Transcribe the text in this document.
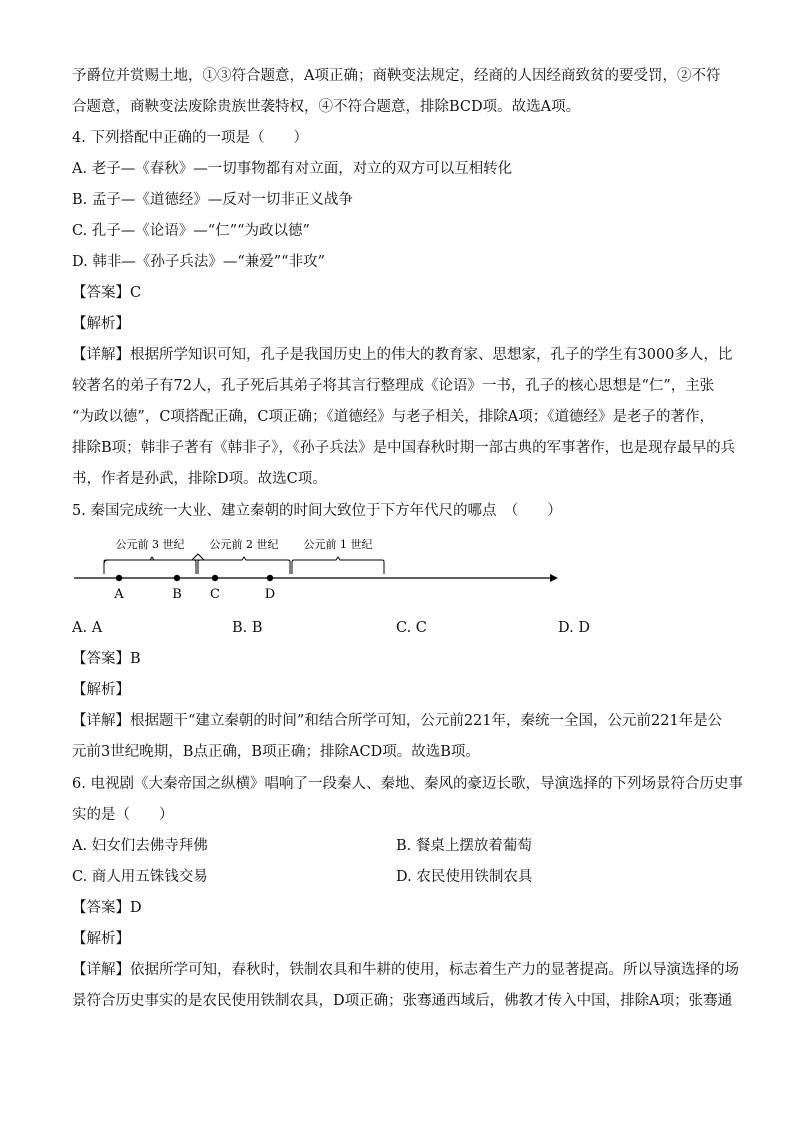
予爵位并赏赐土地，①③符合题意，A项正确；商鞅变法规定，经商的人因经商致贫的要受罚，②不符
合题意，商鞅变法废除贵族世袭特权，④不符合题意，排除BCD项。故选A项。
4. 下列搭配中正确的一项是（　　）
A. 老子—《春秋》—一切事物都有对立面，对立的双方可以互相转化
B. 孟子—《道德经》—反对一切非正义战争
C. 孔子—《论语》—“仁”“为政以德”
D. 韩非—《孙子兵法》—“兼爱”“非攻”
【答案】C
【解析】
【详解】根据所学知识可知，孔子是我国历史上的伟大的教育家、思想家，孔子的学生有3000多人，比
较著名的弟子有72人，孔子死后其弟子将其言行整理成《论语》一书，孔子的核心思想是“仁”，主张
“为政以德”，C项搭配正确，C项正确；《道德经》与老子相关，排除A项；《道德经》是老子的著作，
排除B项；韩非子著有《韩非子》，《孙子兵法》是中国春秋时期一部古典的军事著作，也是现存最早的兵
书，作者是孙武，排除D项。故选C项。
5. 秦国完成统一大业、建立秦朝的时间大致位于下方年代尺的哪点　（　　）
公元前 3 世纪 公元前 2 世纪 公元前 1 世纪
A	B C	D
A. A	B. B	C. C	D. D
【答案】B
【解析】
【详解】根据题干“建立秦朝的时间”和结合所学可知，公元前221年，秦统一全国，公元前221年是公
元前3世纪晚期，B点正确，B项正确；排除ACD项。故选B项。
6. 电视剧《大秦帝国之纵横》唱响了一段秦人、秦地、秦风的豪迈长歌，导演选择的下列场景符合历史事
实的是（　　）
A. 妇女们去佛寺拜佛	B. 餐桌上摆放着葡萄
C. 商人用五铢钱交易	D. 农民使用铁制农具
【答案】D
【解析】
【详解】依据所学可知，春秋时，铁制农具和牛耕的使用，标志着生产力的显著提高。所以导演选择的场
景符合历史事实的是农民使用铁制农具，D项正确；张骞通西域后，佛教才传入中国，排除A项；张骞通
